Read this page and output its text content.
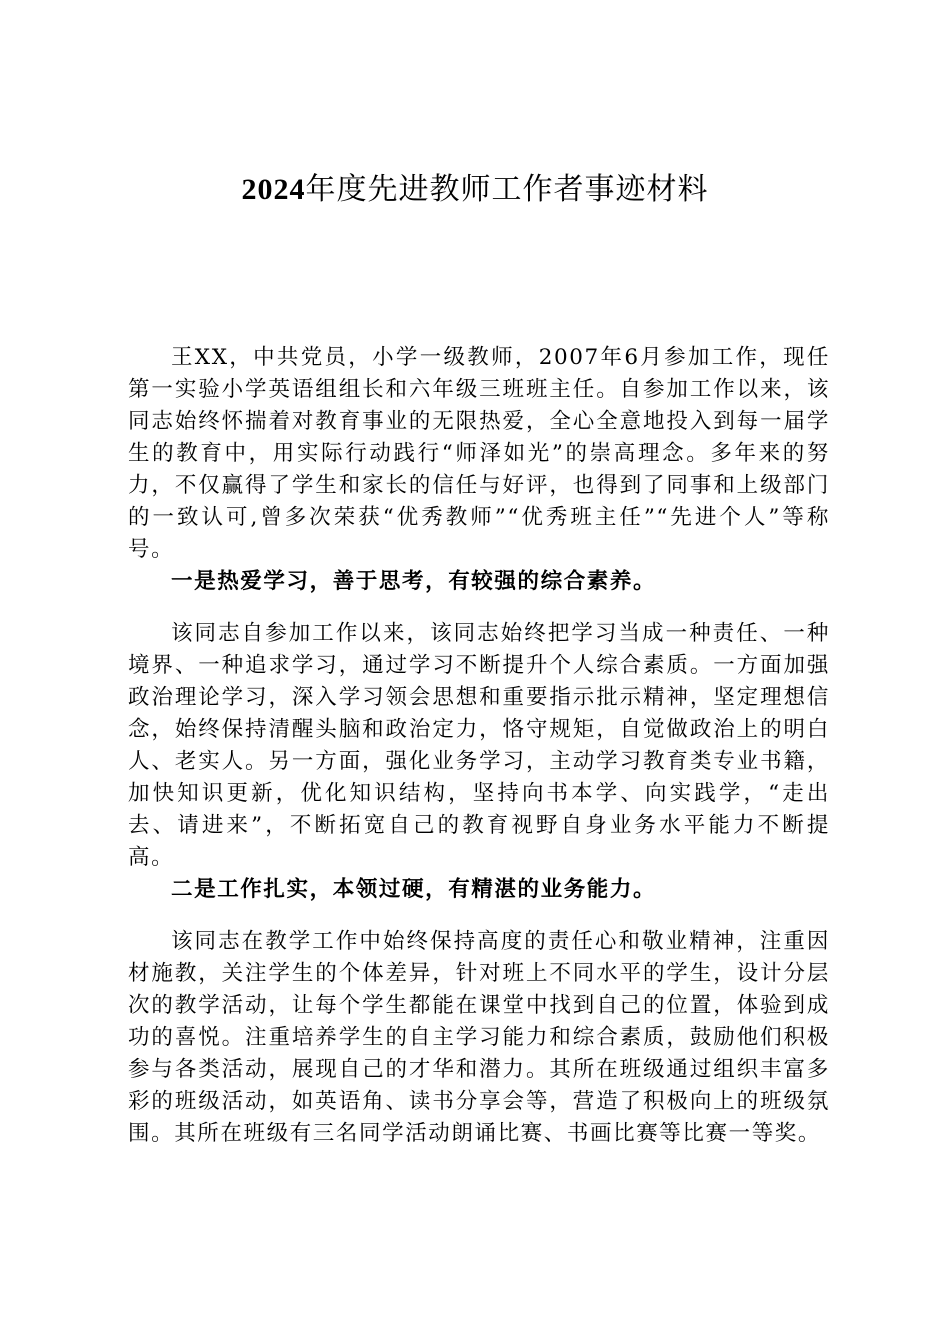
2024年度先进教师工作者事迹材料

王XX，中共党员，小学一级教师，2007年6月参加工作，现任第一实验小学英语组组长和六年级三班班主任。自参加工作以来，该同志始终怀揣着对教育事业的无限热爱，全心全意地投入到每一届学生的教育中，用实际行动践行“师泽如光”的崇高理念。多年来的努力，不仅赢得了学生和家长的信任与好评，也得到了同事和上级部门的一致认可,曾多次荣获“优秀教师”“优秀班主任”“先进个人”等称号。

一是热爱学习，善于思考，有较强的综合素养。

该同志自参加工作以来，该同志始终把学习当成一种责任、一种境界、一种追求学习，通过学习不断提升个人综合素质。一方面加强政治理论学习，深入学习领会思想和重要指示批示精神，坚定理想信念，始终保持清醒头脑和政治定力，恪守规矩，自觉做政治上的明白人、老实人。另一方面，强化业务学习，主动学习教育类专业书籍，加快知识更新，优化知识结构，坚持向书本学、向实践学，“走出去、请进来”，不断拓宽自己的教育视野自身业务水平能力不断提高。

二是工作扎实，本领过硬，有精湛的业务能力。

该同志在教学工作中始终保持高度的责任心和敬业精神，注重因材施教，关注学生的个体差异，针对班上不同水平的学生，设计分层次的教学活动，让每个学生都能在课堂中找到自己的位置，体验到成功的喜悦。注重培养学生的自主学习能力和综合素质，鼓励他们积极参与各类活动，展现自己的才华和潜力。其所在班级通过组织丰富多彩的班级活动，如英语角、读书分享会等，营造了积极向上的班级氛围。其所在班级有三名同学活动朗诵比赛、书画比赛等比赛一等奖。
